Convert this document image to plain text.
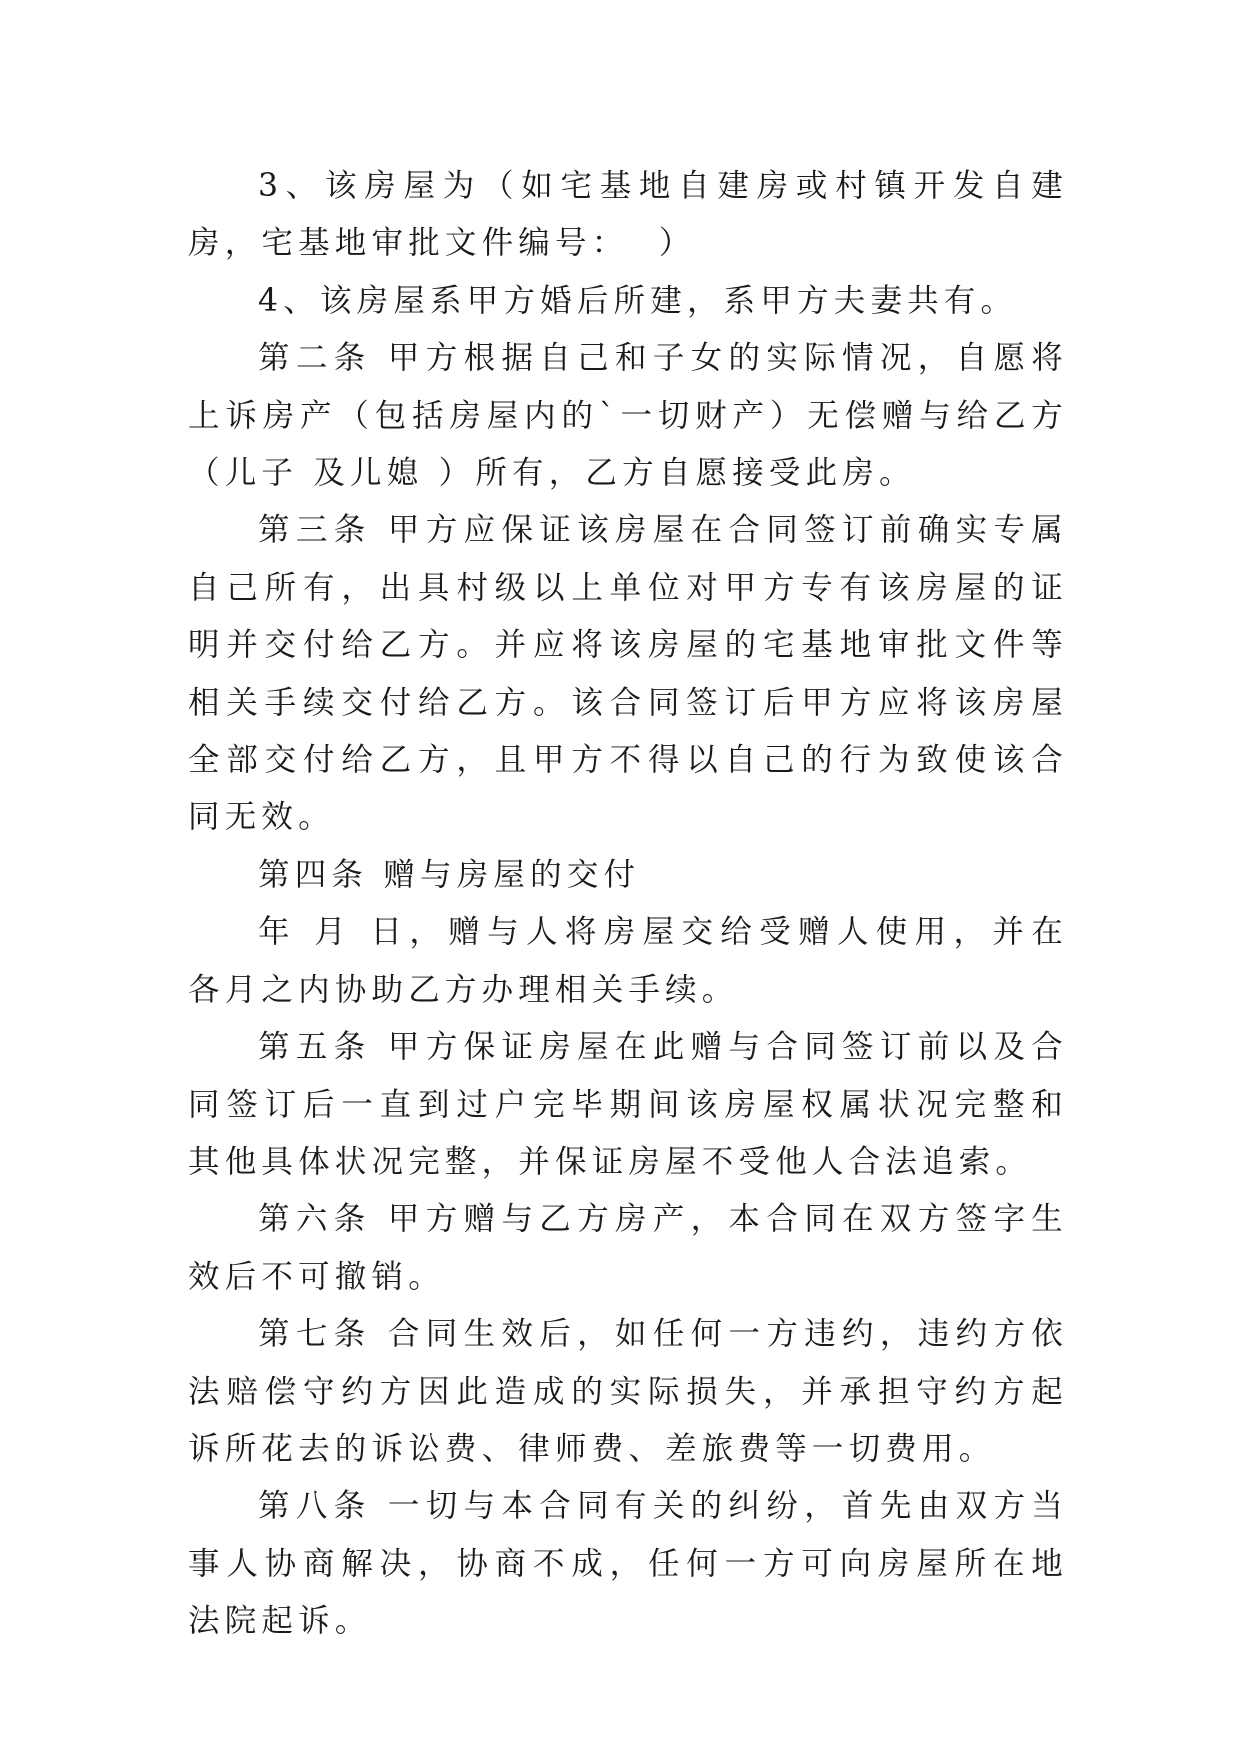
3、该房屋为（如宅基地自建房或村镇开发自建房，宅基地审批文件编号：  ）

4、该房屋系甲方婚后所建，系甲方夫妻共有。

第二条 甲方根据自己和子女的实际情况，自愿将上诉房产（包括房屋内的`一切财产）无偿赠与给乙方（儿子 及儿媳 ）所有，乙方自愿接受此房。

第三条 甲方应保证该房屋在合同签订前确实专属自己所有，出具村级以上单位对甲方专有该房屋的证明并交付给乙方。并应将该房屋的宅基地审批文件等相关手续交付给乙方。该合同签订后甲方应将该房屋全部交付给乙方，且甲方不得以自己的行为致使该合同无效。

第四条 赠与房屋的交付

年 月 日，赠与人将房屋交给受赠人使用，并在 各月之内协助乙方办理相关手续。

第五条 甲方保证房屋在此赠与合同签订前以及合同签订后一直到过户完毕期间该房屋权属状况完整和其他具体状况完整，并保证房屋不受他人合法追索。

第六条 甲方赠与乙方房产，本合同在双方签字生效后不可撤销。

第七条 合同生效后，如任何一方违约，违约方依法赔偿守约方因此造成的实际损失，并承担守约方起诉所花去的诉讼费、律师费、差旅费等一切费用。

第八条 一切与本合同有关的纠纷，首先由双方当事人协商解决，协商不成，任何一方可向房屋所在地法院起诉。
